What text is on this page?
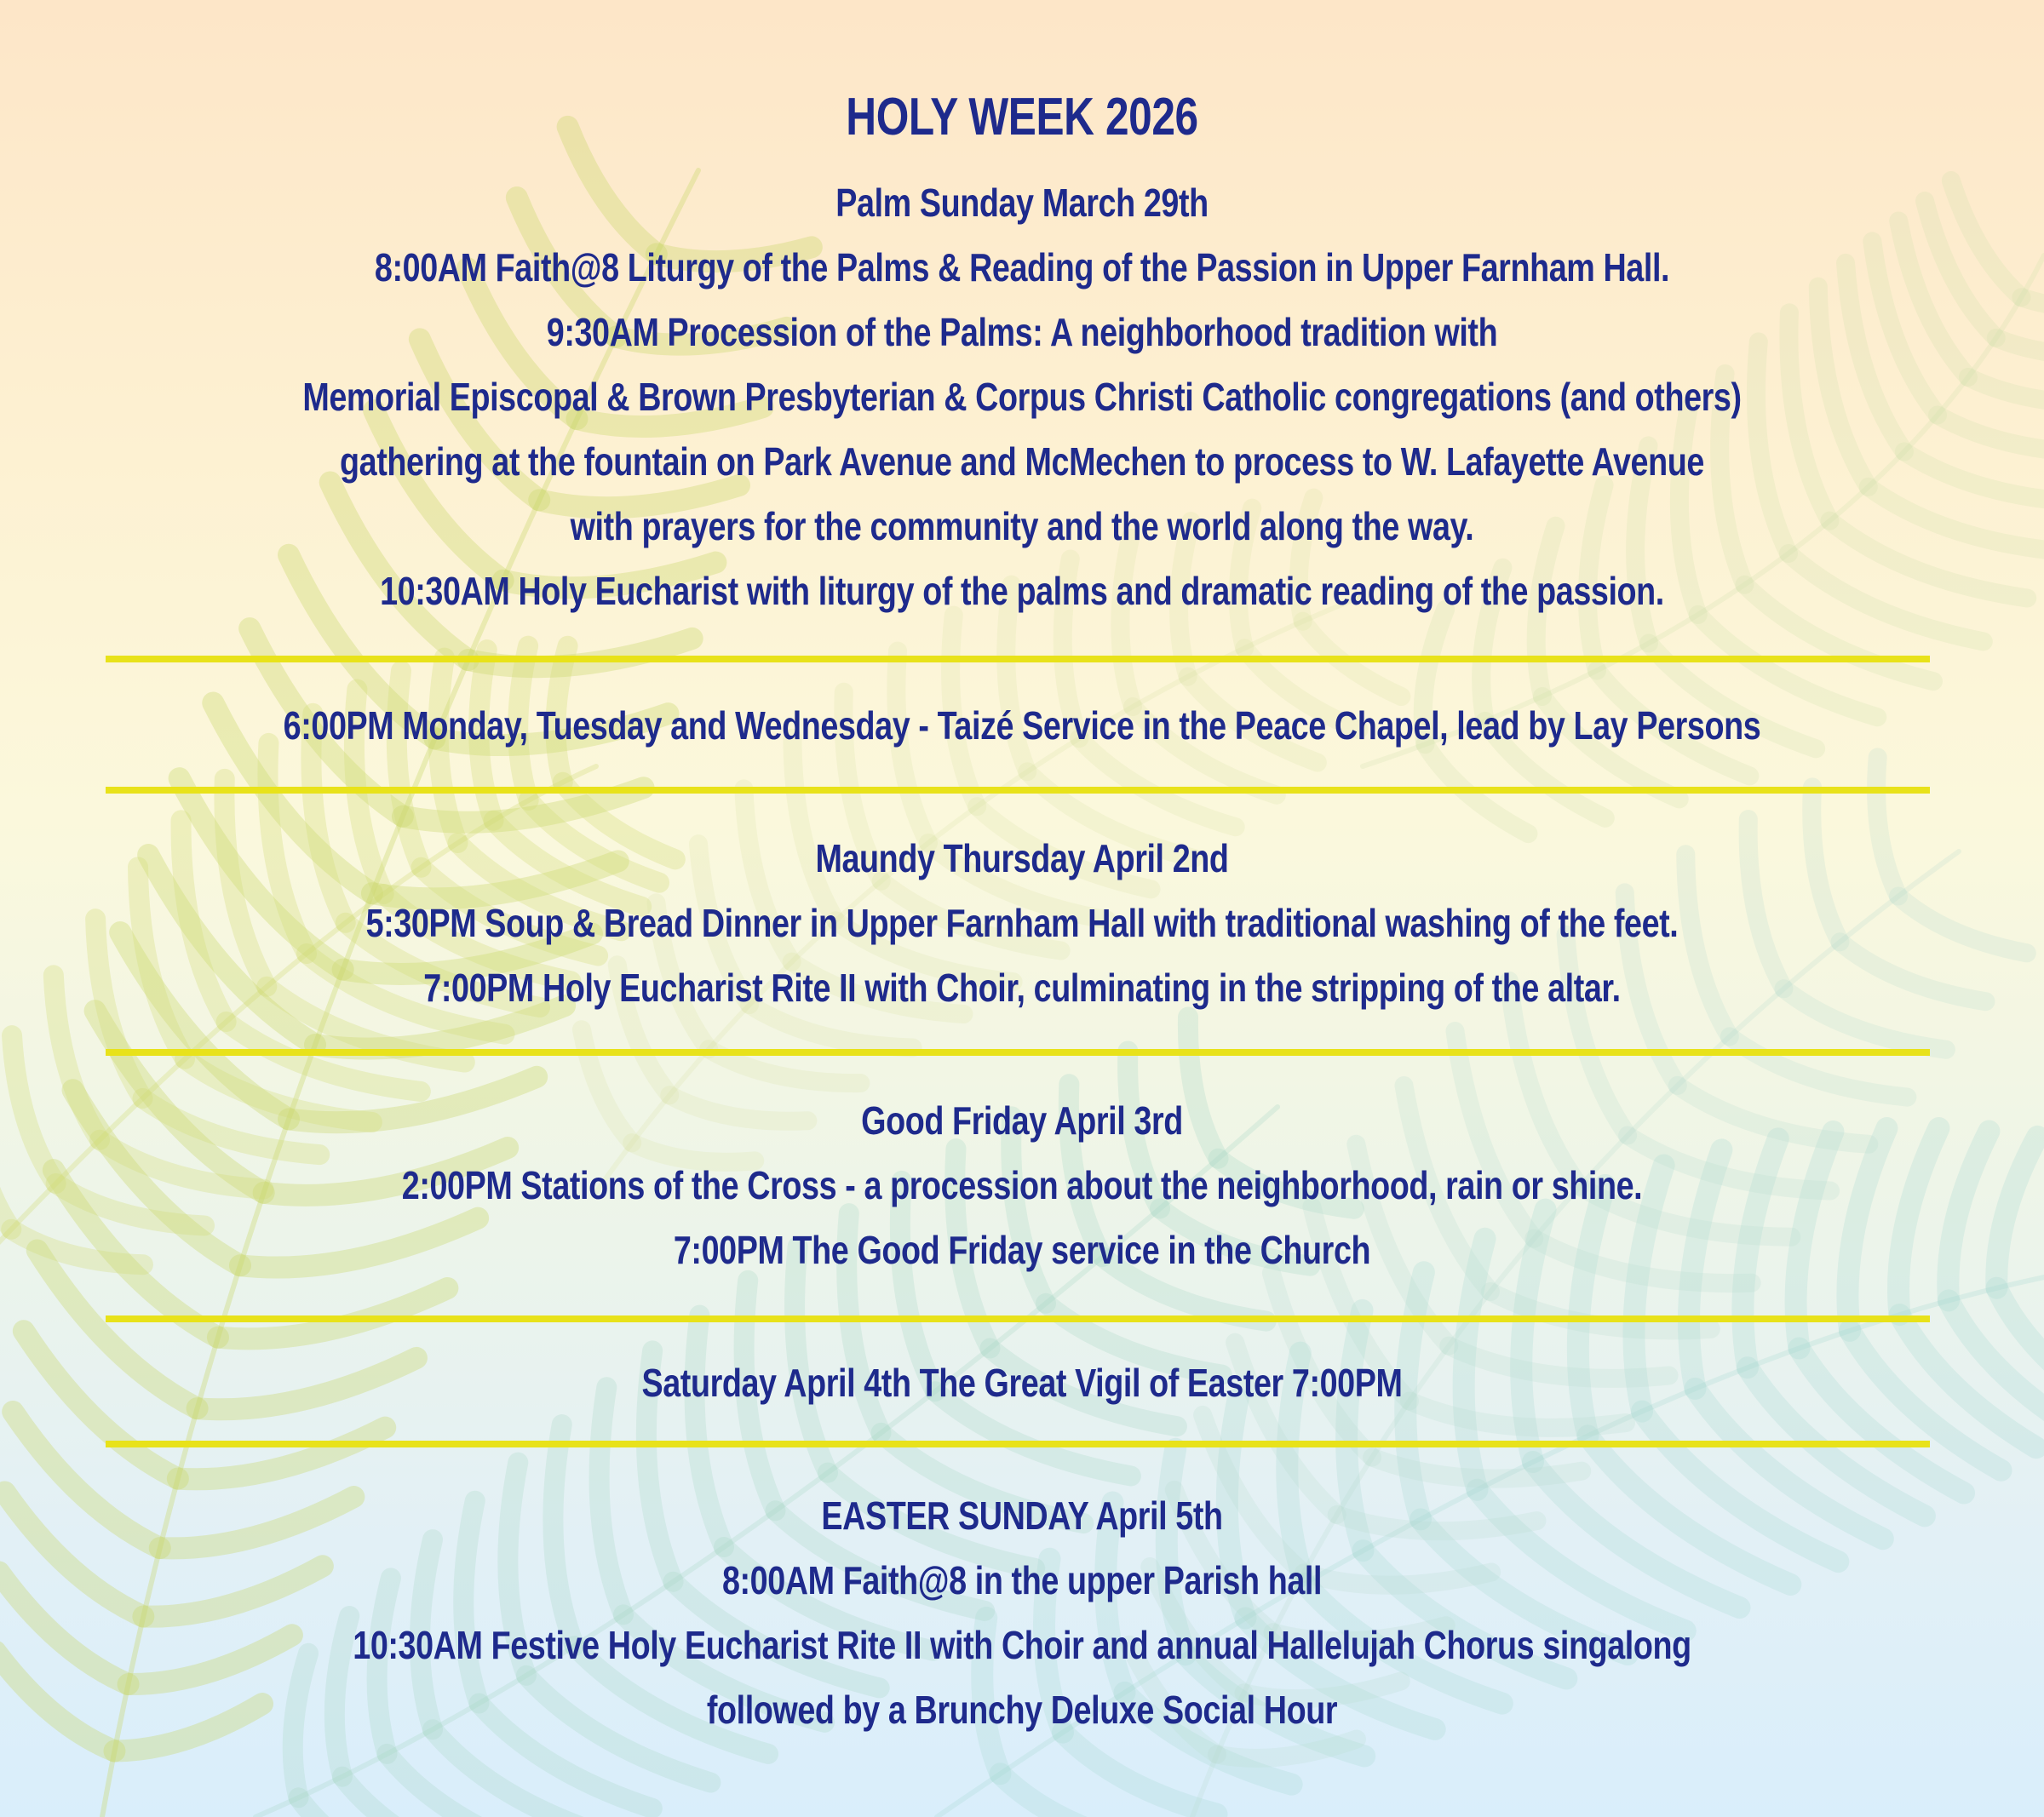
HOLY WEEK 2026
Palm Sunday March 29th
8:00AM Faith@8 Liturgy of the Palms & Reading of the Passion in Upper Farnham Hall.
9:30AM Procession of the Palms: A neighborhood tradition with
Memorial Episcopal & Brown Presbyterian & Corpus Christi Catholic congregations (and others)
gathering at the fountain on Park Avenue and McMechen to process to W. Lafayette Avenue
with prayers for the community and the world along the way.
10:30AM Holy Eucharist with liturgy of the palms and dramatic reading of the passion.
6:00PM Monday, Tuesday and Wednesday - Taizé Service in the Peace Chapel, lead by Lay Persons
Maundy Thursday April 2nd
5:30PM Soup & Bread Dinner in Upper Farnham Hall with traditional washing of the feet.
7:00PM Holy Eucharist Rite II with Choir, culminating in the stripping of the altar.
Good Friday April 3rd
2:00PM Stations of the Cross - a procession about the neighborhood, rain or shine.
7:00PM The Good Friday service in the Church
Saturday April 4th The Great Vigil of Easter 7:00PM
EASTER SUNDAY April 5th
8:00AM Faith@8 in the upper Parish hall
10:30AM Festive Holy Eucharist Rite II with Choir and annual Hallelujah Chorus singalong
followed by a Brunchy Deluxe Social Hour
